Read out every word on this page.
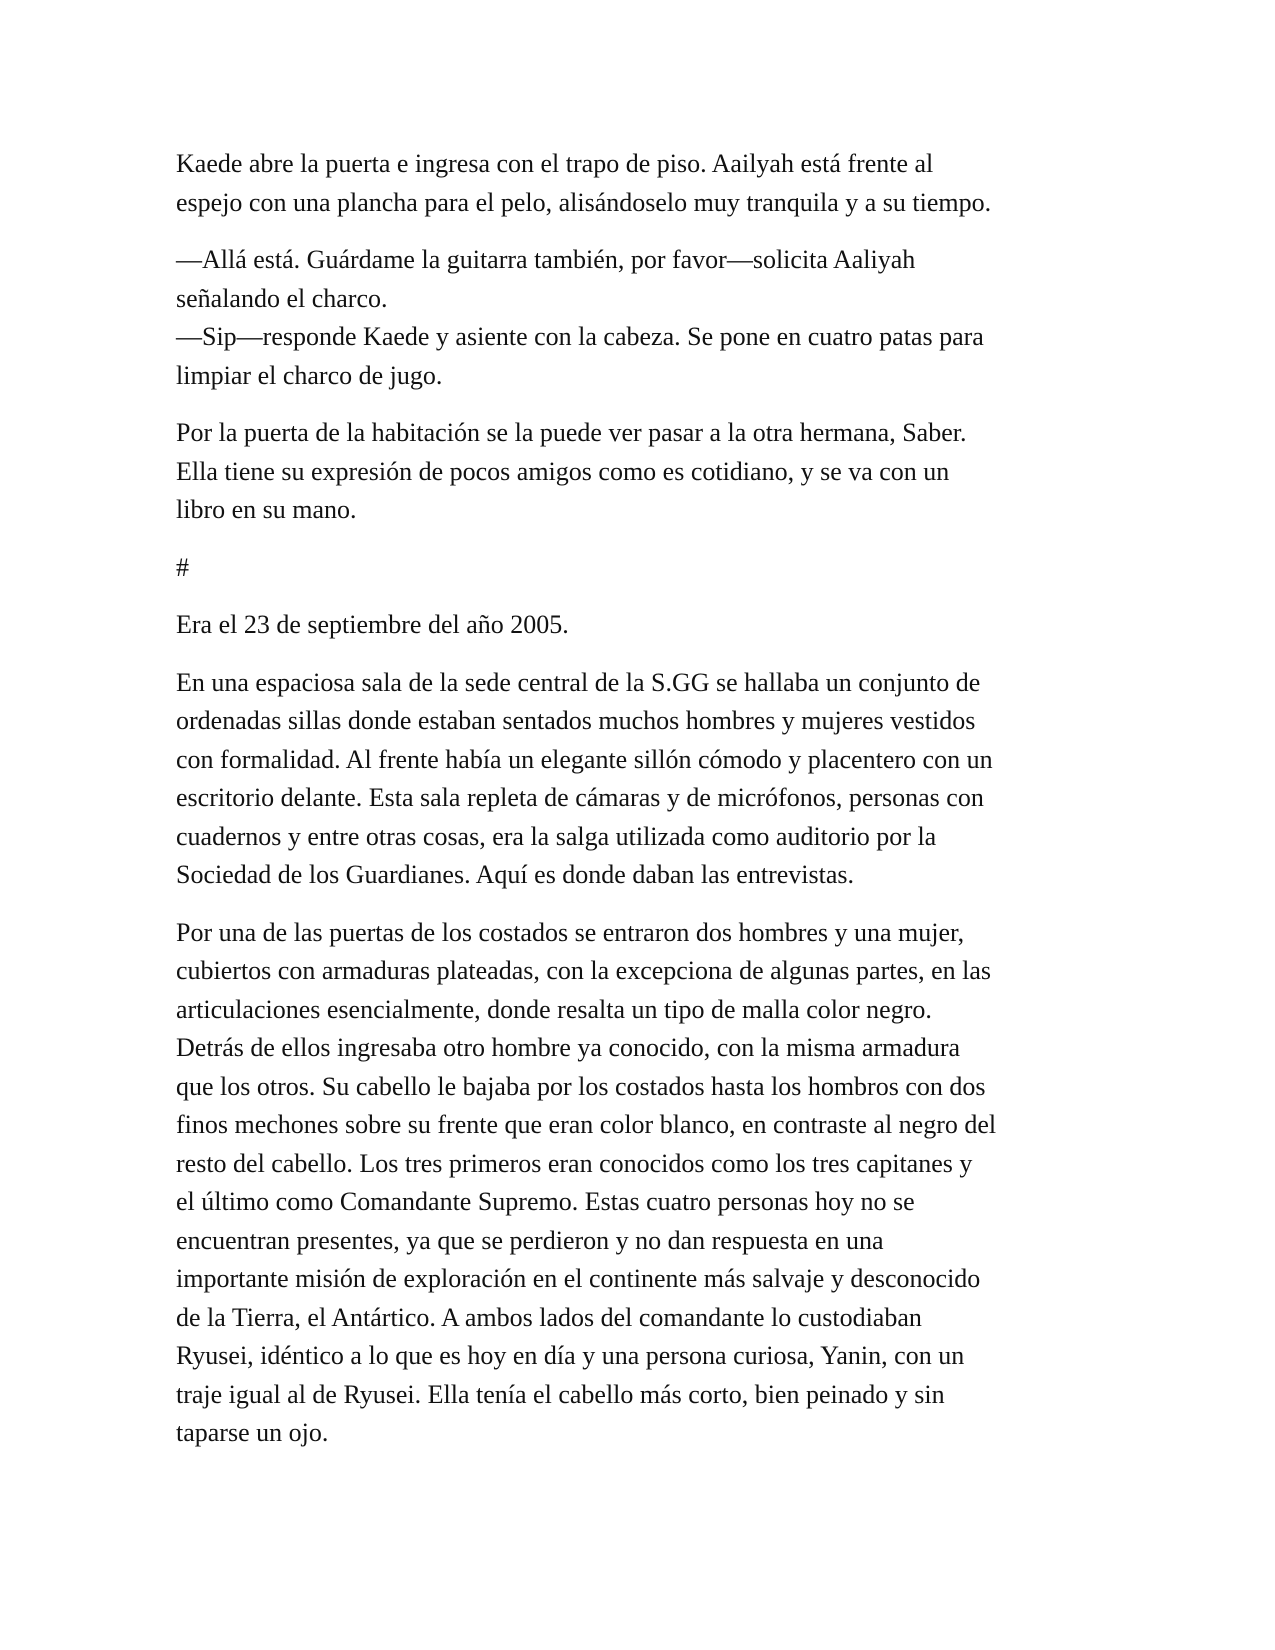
Kaede abre la puerta e ingresa con el trapo de piso. Aailyah está frente al
espejo con una plancha para el pelo, alisándoselo muy tranquila y a su tiempo.

—Allá está. Guárdame la guitarra también, por favor—solicita Aaliyah
señalando el charco.
—Sip—responde Kaede y asiente con la cabeza. Se pone en cuatro patas para
limpiar el charco de jugo.

Por la puerta de la habitación se la puede ver pasar a la otra hermana, Saber.
Ella tiene su expresión de pocos amigos como es cotidiano, y se va con un
libro en su mano.

#

Era el 23 de septiembre del año 2005.

En una espaciosa sala de la sede central de la S.GG se hallaba un conjunto de
ordenadas sillas donde estaban sentados muchos hombres y mujeres vestidos
con formalidad. Al frente había un elegante sillón cómodo y placentero con un
escritorio delante. Esta sala repleta de cámaras y de micrófonos, personas con
cuadernos y entre otras cosas, era la salga utilizada como auditorio por la
Sociedad de los Guardianes. Aquí es donde daban las entrevistas.

Por una de las puertas de los costados se entraron dos hombres y una mujer,
cubiertos con armaduras plateadas, con la excepciona de algunas partes, en las
articulaciones esencialmente, donde resalta un tipo de malla color negro.
Detrás de ellos ingresaba otro hombre ya conocido, con la misma armadura
que los otros. Su cabello le bajaba por los costados hasta los hombros con dos
finos mechones sobre su frente que eran color blanco, en contraste al negro del
resto del cabello. Los tres primeros eran conocidos como los tres capitanes y
el último como Comandante Supremo. Estas cuatro personas hoy no se
encuentran presentes, ya que se perdieron y no dan respuesta en una
importante misión de exploración en el continente más salvaje y desconocido
de la Tierra, el Antártico. A ambos lados del comandante lo custodiaban
Ryusei, idéntico a lo que es hoy en día y una persona curiosa, Yanin, con un
traje igual al de Ryusei. Ella tenía el cabello más corto, bien peinado y sin
taparse un ojo.
